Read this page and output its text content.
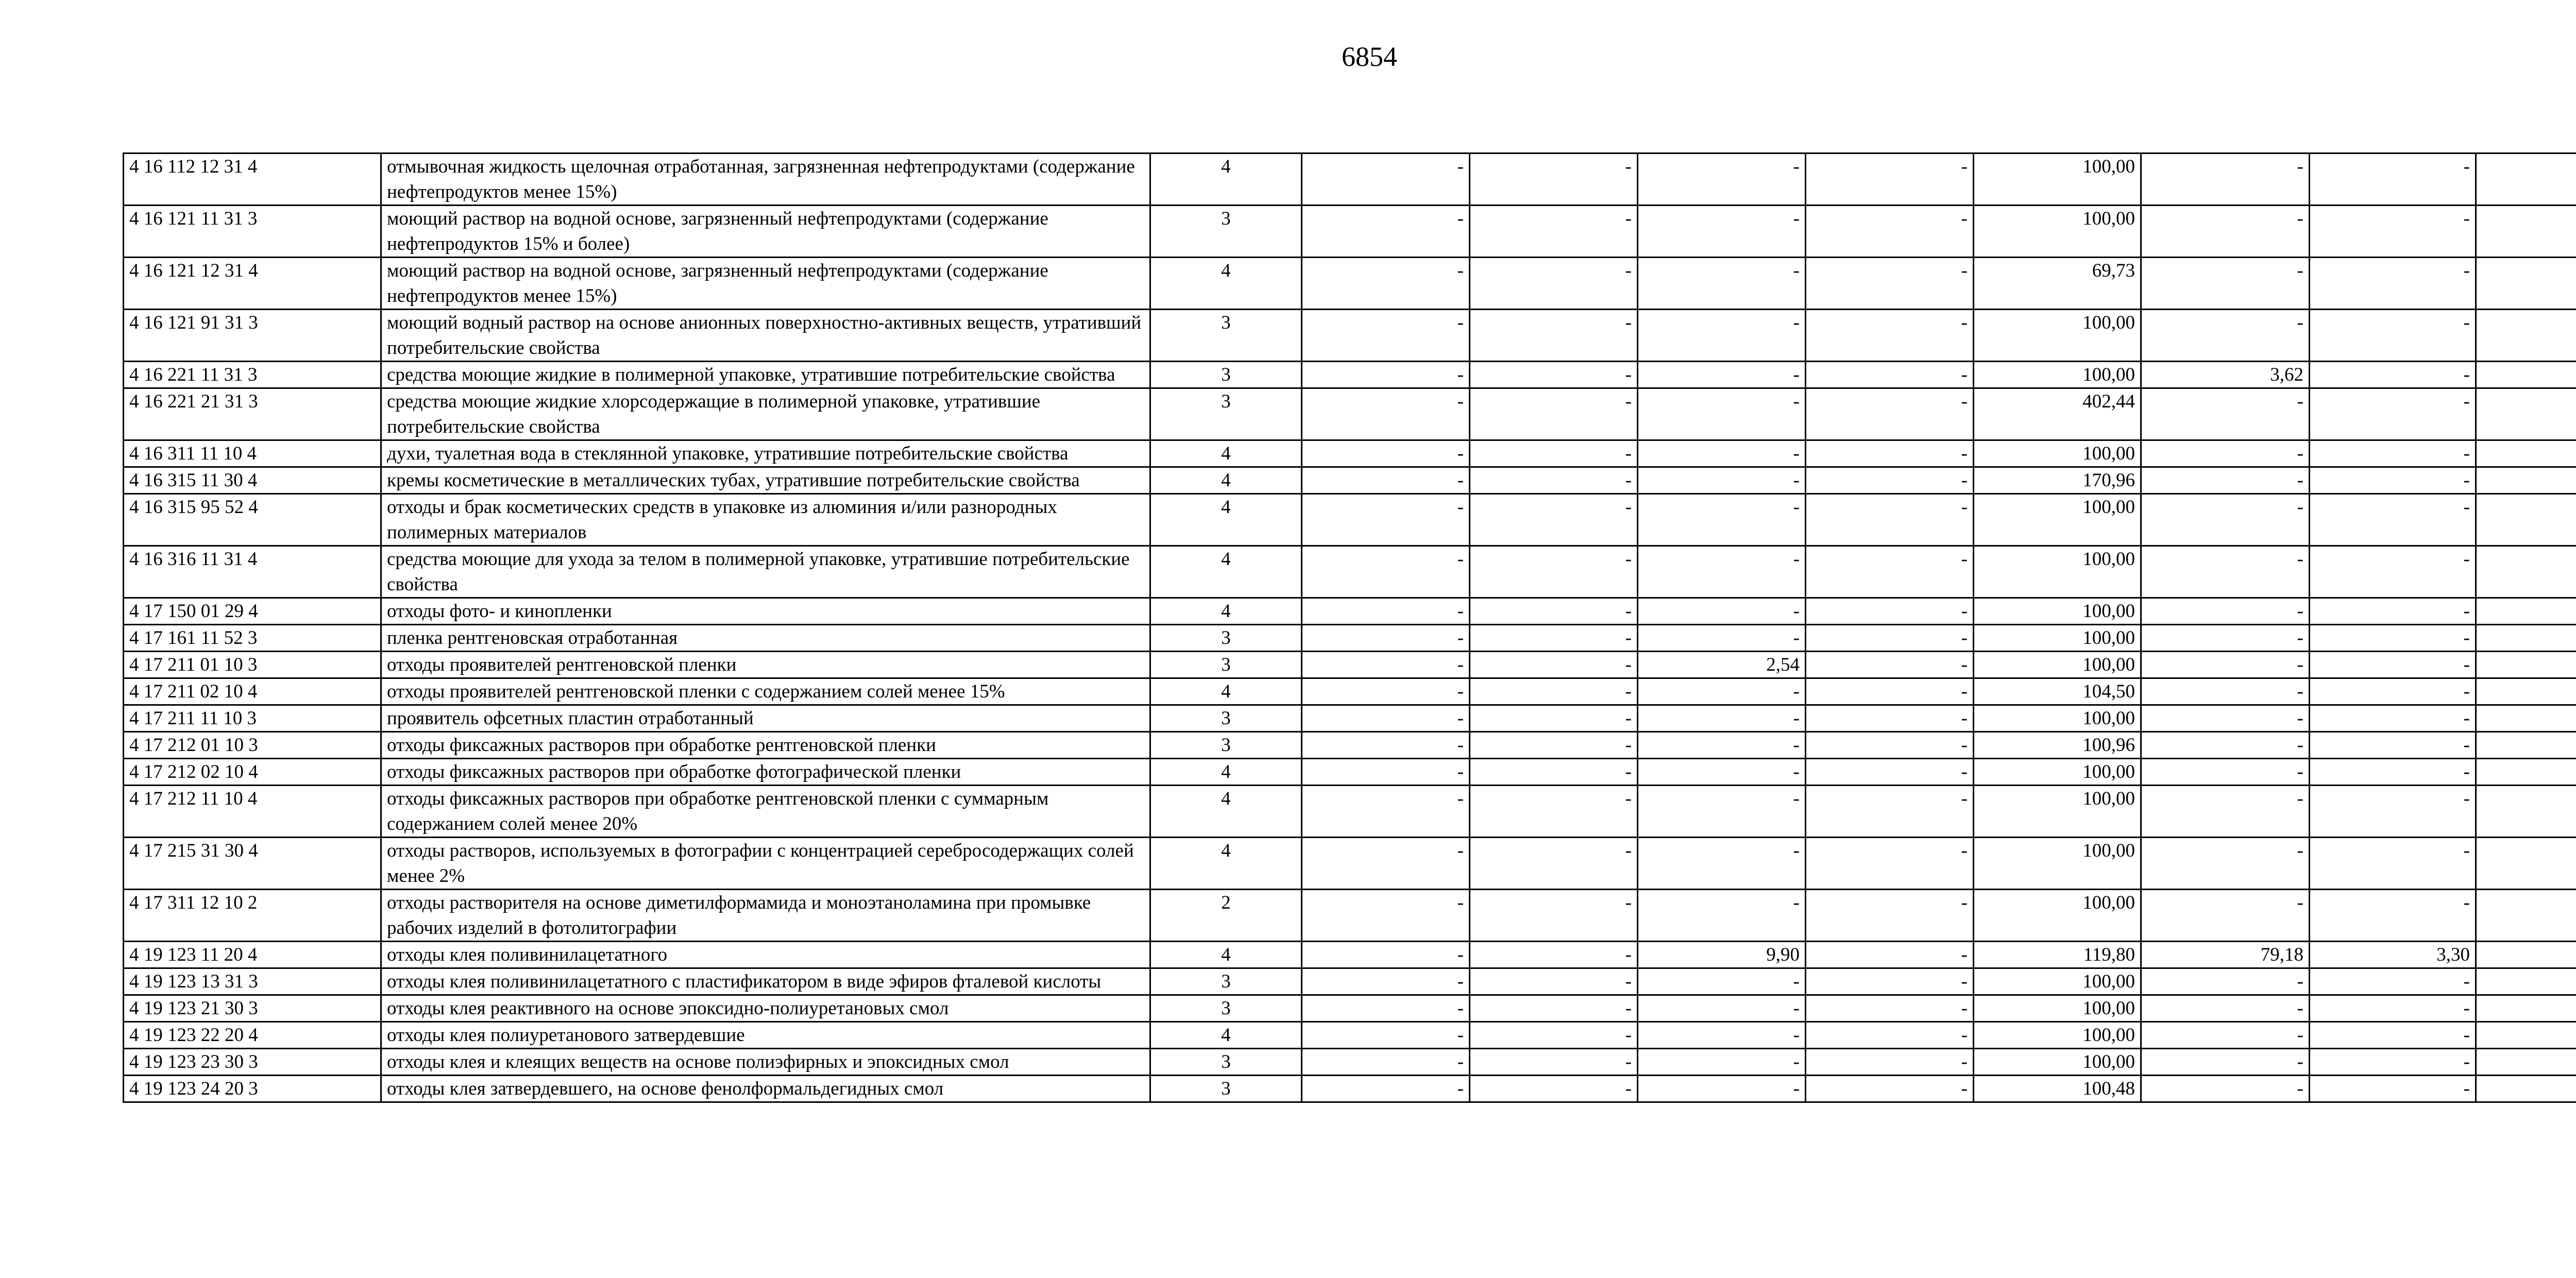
6854
4 16 112 12 31 4	отмывочная жидкость щелочная отработанная, загрязненная нефтепродуктами (содержание нефтепродуктов менее 15%)	4	-	-	-	-	100,00	-	-	
4 16 121 11 31 3	моющий раствор на водной основе, загрязненный нефтепродуктами (содержание нефтепродуктов 15% и более)	3	-	-	-	-	100,00	-	-	
4 16 121 12 31 4	моющий раствор на водной основе, загрязненный нефтепродуктами (содержание нефтепродуктов менее 15%)	4	-	-	-	-	69,73	-	-	
4 16 121 91 31 3	моющий водный раствор на основе анионных поверхностно-активных веществ, утративший потребительские свойства	3	-	-	-	-	100,00	-	-	
4 16 221 11 31 3	средства моющие жидкие в полимерной упаковке, утратившие потребительские свойства	3	-	-	-	-	100,00	3,62	-	
4 16 221 21 31 3	средства моющие жидкие хлорсодержащие в полимерной упаковке, утратившие потребительские свойства	3	-	-	-	-	402,44	-	-	
4 16 311 11 10 4	духи, туалетная вода в стеклянной упаковке, утратившие потребительские свойства	4	-	-	-	-	100,00	-	-	
4 16 315 11 30 4	кремы косметические в металлических тубах, утратившие потребительские свойства	4	-	-	-	-	170,96	-	-	
4 16 315 95 52 4	отходы и брак косметических средств в упаковке из алюминия и/или разнородных полимерных материалов	4	-	-	-	-	100,00	-	-	
4 16 316 11 31 4	средства моющие для ухода за телом в полимерной упаковке, утратившие потребительские свойства	4	-	-	-	-	100,00	-	-	
4 17 150 01 29 4	отходы фото- и кинопленки	4	-	-	-	-	100,00	-	-	
4 17 161 11 52 3	пленка рентгеновская отработанная	3	-	-	-	-	100,00	-	-	
4 17 211 01 10 3	отходы проявителей рентгеновской пленки	3	-	-	2,54	-	100,00	-	-	
4 17 211 02 10 4	отходы проявителей рентгеновской пленки с содержанием солей менее 15%	4	-	-	-	-	104,50	-	-	
4 17 211 11 10 3	проявитель офсетных пластин отработанный	3	-	-	-	-	100,00	-	-	
4 17 212 01 10 3	отходы фиксажных растворов при обработке рентгеновской пленки	3	-	-	-	-	100,96	-	-	
4 17 212 02 10 4	отходы фиксажных растворов при обработке фотографической пленки	4	-	-	-	-	100,00	-	-	
4 17 212 11 10 4	отходы фиксажных растворов при обработке рентгеновской пленки с суммарным содержанием солей менее 20%	4	-	-	-	-	100,00	-	-	
4 17 215 31 30 4	отходы растворов, используемых в фотографии с концентрацией серебросодержащих солей менее 2%	4	-	-	-	-	100,00	-	-	
4 17 311 12 10 2	отходы растворителя на основе диметилформамида и моноэтаноламина при промывке рабочих изделий в фотолитографии	2	-	-	-	-	100,00	-	-	
4 19 123 11 20 4	отходы клея поливинилацетатного	4	-	-	9,90	-	119,80	79,18	3,30	
4 19 123 13 31 3	отходы клея поливинилацетатного с пластификатором в виде эфиров фталевой кислоты	3	-	-	-	-	100,00	-	-	
4 19 123 21 30 3	отходы клея реактивного на основе эпоксидно-полиуретановых смол	3	-	-	-	-	100,00	-	-	
4 19 123 22 20 4	отходы клея полиуретанового затвердевшие	4	-	-	-	-	100,00	-	-	
4 19 123 23 30 3	отходы клея и клеящих веществ на основе полиэфирных и эпоксидных смол	3	-	-	-	-	100,00	-	-	
4 19 123 24 20 3	отходы клея затвердевшего, на основе фенолформальдегидных смол	3	-	-	-	-	100,48	-	-	
